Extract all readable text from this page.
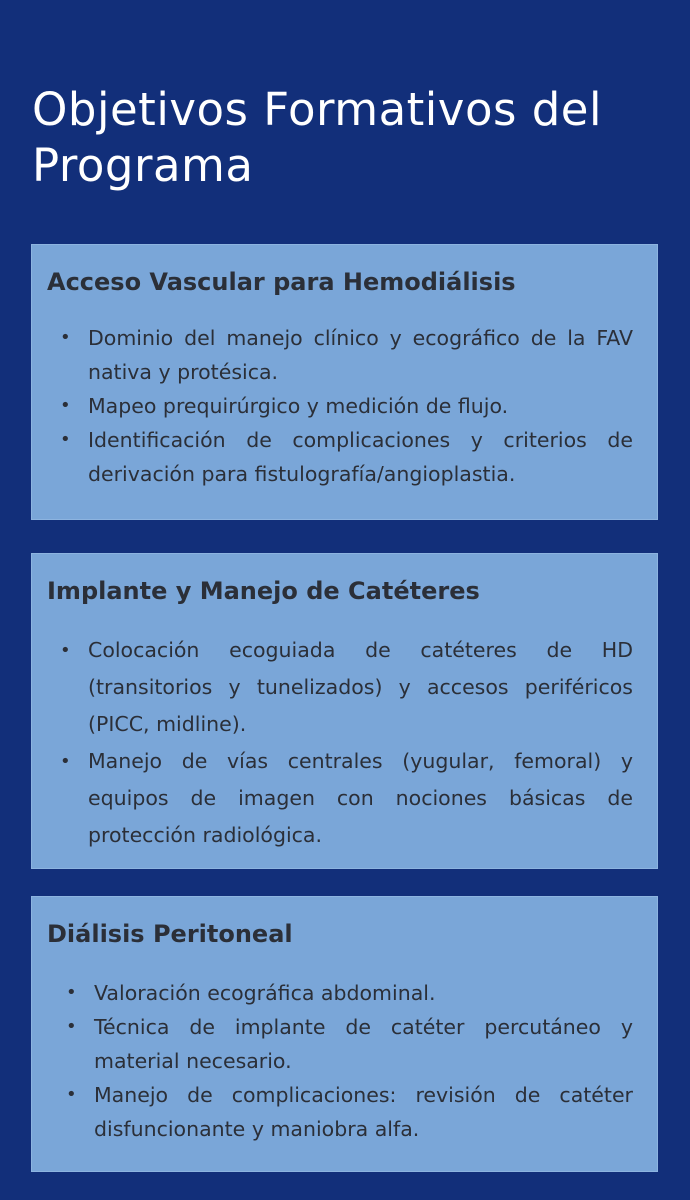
Objetivos Formativos del Programa
Acceso Vascular para Hemodiálisis
• Dominio del manejo clínico y ecográfico de la FAV nativa y protésica.
• Mapeo prequirúrgico y medición de flujo.
• Identificación de complicaciones y criterios de derivación para fistulografía/angioplastia.
Implante y Manejo de Catéteres
• Colocación ecoguiada de catéteres de HD (transitorios y tunelizados) y accesos periféricos (PICC, midline).
• Manejo de vías centrales (yugular, femoral) y equipos de imagen con nociones básicas de protección radiológica.
Diálisis Peritoneal
• Valoración ecográfica abdominal.
• Técnica de implante de catéter percutáneo y material necesario.
• Manejo de complicaciones: revisión de catéter disfuncionante y maniobra alfa.
